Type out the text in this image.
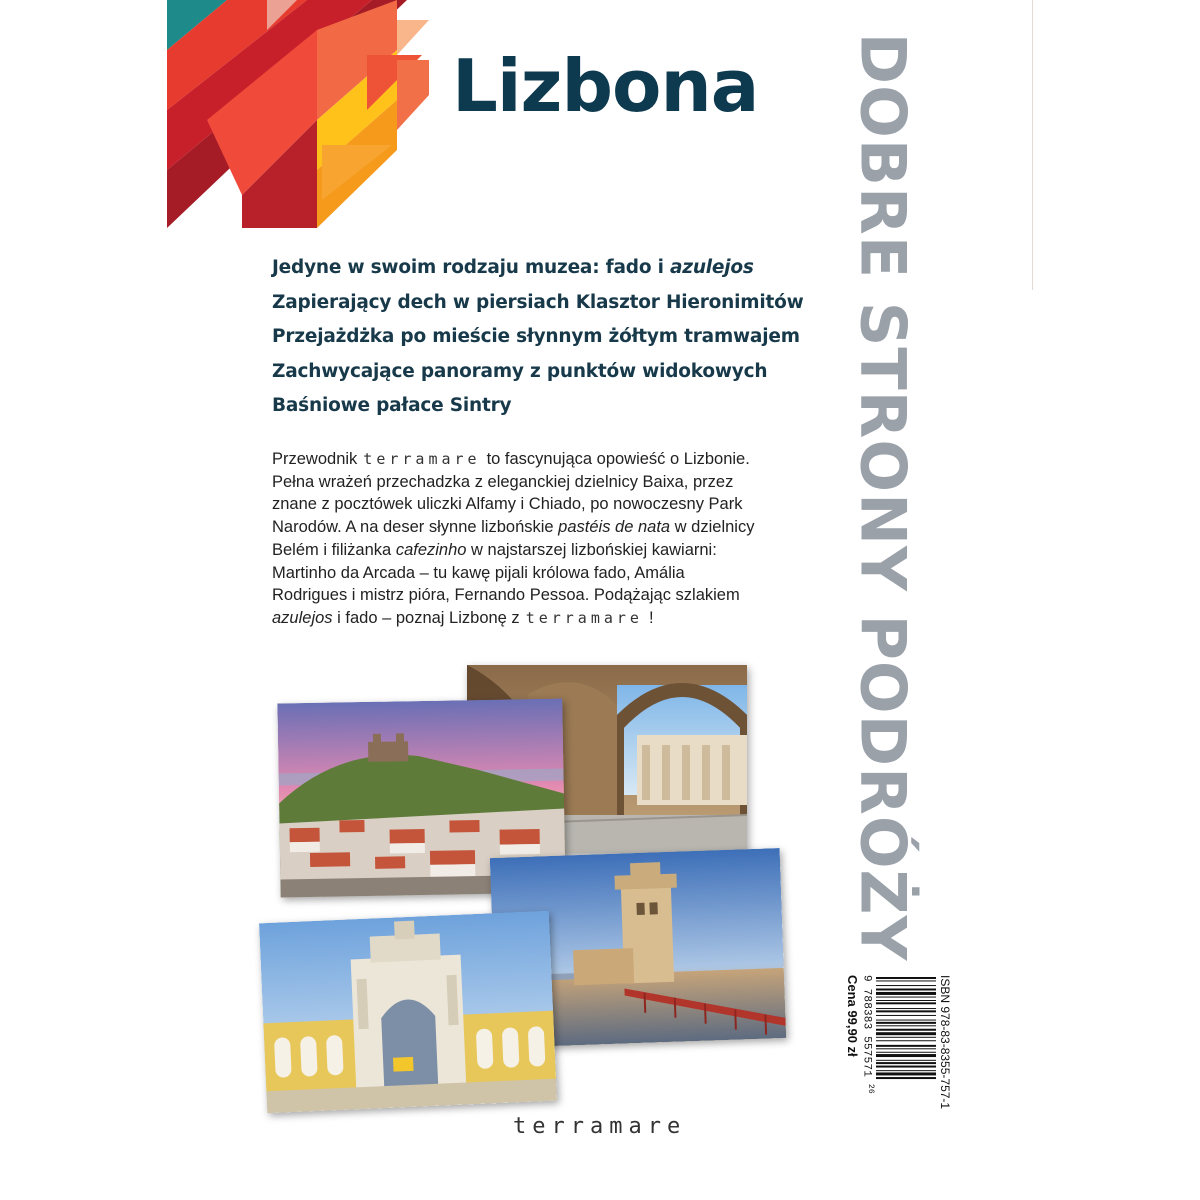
Lizbona
Jedyne w swoim rodzaju muzea: fado i azulejos
Zapierający dech w piersiach Klasztor Hieronimitów
Przejażdżka po mieście słynnym żółtym tramwajem
Zachwycające panoramy z punktów widokowych
Baśniowe pałace Sintry

Przewodnik terramare to fascynująca opowieść o Lizbonie.
Pełna wrażeń przechadzka z eleganckiej dzielnicy Baixa, przez
znane z pocztówek uliczki Alfamy i Chiado, po nowoczesny Park
Narodów. A na deser słynne lizbońskie pastéis de nata w dzielnicy
Belém i filiżanka cafezinho w najstarszej lizbońskiej kawiarni:
Martinho da Arcada – tu kawę pijali królowa fado, Amália
Rodrigues i mistrz pióra, Fernando Pessoa. Podążając szlakiem
azulejos i fado – poznaj Lizbonę z terramare !

terramare

DOBRE STRONY PODRÓŻY
ISBN 978-83-8355-757-1
9 788383 557571 $^{26}$
Cena 99,90 zł
